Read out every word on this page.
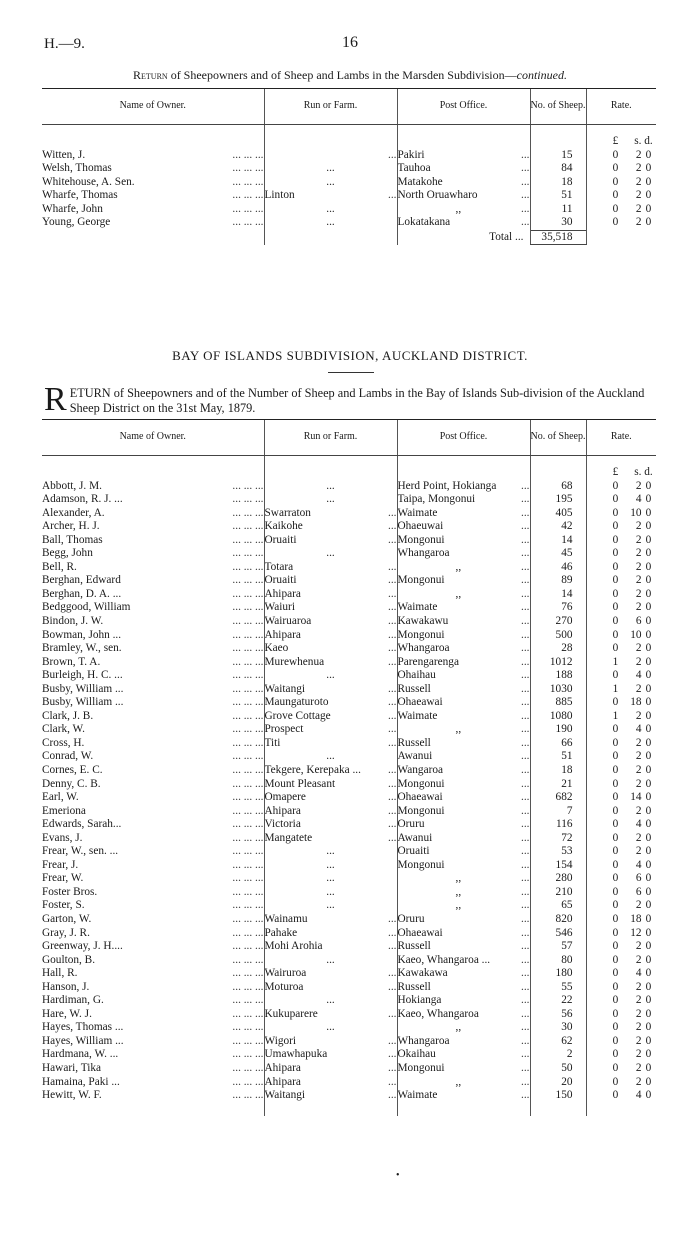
H.—9.	16
Return of Sheepowners and of Sheep and Lambs in the Marsden Subdivision—continued.
Name of Owner.	Run or Farm.	Post Office.	No. of Sheep.	Rate.
				£ s. d.

Witten, J. ... ... ...	...	Pakiri ...	15	0 2 0

Welsh, Thomas ... ... ...	...	Tauhoa ...	84	0 2 0

Whitehouse, A. Sen. ... ... ...	...	Matakohe ...	18	0 2 0

Wharfe, Thomas ... ... ...	Linton ...	North Oruawharo ...	51	0 2 0

Wharfe, John ... ... ...	...	,, ...	11	0 2 0

Young, George ... ... ...	...	Lokatakana ...	30	0 2 0
		Total ...	35,518	
BAY OF ISLANDS SUBDIVISION, AUCKLAND DISTRICT.
R ETURN of Sheepowners and of the Number of Sheep and Lambs in the Bay of Islands Sub-division of the Auckland Sheep District on the 31st May, 1879.
Name of Owner.	Run or Farm.	Post Office.	No. of Sheep.	Rate.
				£ s. d.

Abbott, J. M. ... ... ...	...	Herd Point, Hokianga ...	68	0 2 0

Adamson, R. J. ... ... ... ...	...	Taipa, Mongonui ...	195	0 4 0

Alexander, A. ... ... ...	Swarraton ...	Waimate ...	405	0 10 0

Archer, H. J. ... ... ...	Kaikohe ...	Ohaeuwai ...	42	0 2 0

Ball, Thomas ... ... ...	Oruaiti ...	Mongonui ...	14	0 2 0

Begg, John ... ... ...	...	Whangaroa ...	45	0 2 0

Bell, R. ... ... ...	Totara ...	,, ...	46	0 2 0

Berghan, Edward ... ... ...	Oruaiti ...	Mongonui ...	89	0 2 0

Berghan, D. A. ... ... ... ...	Ahipara ...	,, ...	14	0 2 0

Bedggood, William ... ... ...	Waiuri ...	Waimate ...	76	0 2 0

Bindon, J. W. ... ... ...	Wairuaroa ...	Kawakawu ...	270	0 6 0

Bowman, John ... ... ... ...	Ahipara ...	Mongonui ...	500	0 10 0

Bramley, W., sen. ... ... ...	Kaeo ...	Whangaroa ...	28	0 2 0

Brown, T. A. ... ... ...	Murewhenua ...	Parengarenga ...	1012	1 2 0

Burleigh, H. C. ... ... ... ...	...	Ohaihau ...	188	0 4 0

Busby, William ... ... ... ...	Waitangi ...	Russell ...	1030	1 2 0

Busby, William ... ... ... ...	Maungaturoto ...	Ohaeawai ...	885	0 18 0

Clark, J. B. ... ... ...	Grove Cottage ...	Waimate ...	1080	1 2 0

Clark, W. ... ... ...	Prospect ...	,, ...	190	0 4 0

Cross, H. ... ... ...	Titi ...	Russell ...	66	0 2 0

Conrad, W. ... ... ...	...	Awanui ...	51	0 2 0

Cornes, E. C. ... ... ...	Tekgere, Kerepaka ... ...	Wangaroa ...	18	0 2 0

Denny, C. B. ... ... ...	Mount Pleasant ...	Mongonui ...	21	0 2 0

Earl, W. ... ... ...	Omapere ...	Ohaeawai ...	682	0 14 0

Emeriona ... ... ...	Ahipara ...	Mongonui ...	7	0 2 0

Edwards, Sarah... ... ... ...	Victoria ...	Oruru ...	116	0 4 0

Evans, J. ... ... ...	Mangatete ...	Awanui ...	72	0 2 0

Frear, W., sen. ... ... ... ...	...	Oruaiti ...	53	0 2 0

Frear, J. ... ... ...	...	Mongonui ...	154	0 4 0

Frear, W. ... ... ...	...	,, ...	280	0 6 0

Foster Bros. ... ... ...	...	,, ...	210	0 6 0

Foster, S. ... ... ...	...	,, ...	65	0 2 0

Garton, W. ... ... ...	Wainamu ...	Oruru ...	820	0 18 0

Gray, J. R. ... ... ...	Pahake ...	Ohaeawai ...	546	0 12 0

Greenway, J. H.... ... ... ...	Mohi Arohia ...	Russell ...	57	0 2 0

Goulton, B. ... ... ...	...	Kaeo, Whangaroa ... ...	80	0 2 0

Hall, R. ... ... ...	Wairuroa ...	Kawakawa ...	180	0 4 0

Hanson, J. ... ... ...	Moturoa ...	Russell ...	55	0 2 0

Hardiman, G. ... ... ...	...	Hokianga ...	22	0 2 0

Hare, W. J. ... ... ...	Kukuparere ...	Kaeo, Whangaroa ...	56	0 2 0

Hayes, Thomas ... ... ... ...	...	,, ...	30	0 2 0

Hayes, William ... ... ... ...	Wigori ...	Whangaroa ...	62	0 2 0

Hardmana, W. ... ... ... ...	Umawhapuka ...	Okaihau ...	2	0 2 0

Hawari, Tika ... ... ...	Ahipara ...	Mongonui ...	50	0 2 0

Hamaina, Paki ... ... ... ...	Ahipara ...	,, ...	20	0 2 0

Hewitt, W. F. ... ... ...	Waitangi ...	Waimate ...	150	0 4 0

•
